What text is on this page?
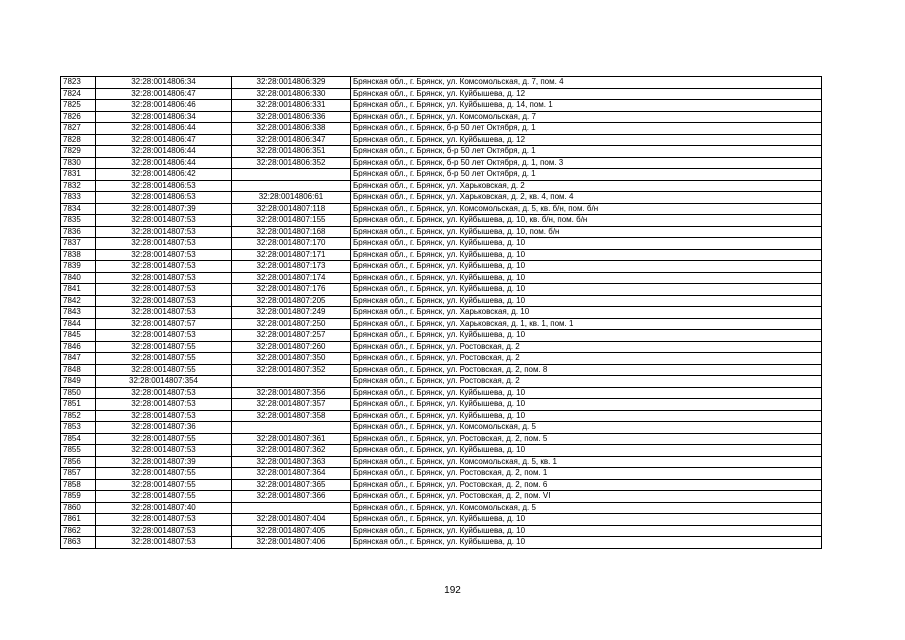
7823	32:28:0014806:34	32:28:0014806:329	Брянская обл., г. Брянск, ул. Комсомольская, д. 7, пом. 4
7824	32:28:0014806:47	32:28:0014806:330	Брянская обл., г. Брянск, ул. Куйбышева, д. 12
7825	32:28:0014806:46	32:28:0014806:331	Брянская обл., г. Брянск, ул. Куйбышева, д. 14, пом. 1
7826	32:28:0014806:34	32:28:0014806:336	Брянская обл., г. Брянск, ул. Комсомольская, д. 7
7827	32:28:0014806:44	32:28:0014806:338	Брянская обл., г. Брянск, б-р 50 лет Октября, д. 1
7828	32:28:0014806:47	32:28:0014806:347	Брянская обл., г. Брянск, ул. Куйбышева, д. 12
7829	32:28:0014806:44	32:28:0014806:351	Брянская обл., г. Брянск, б-р 50 лет Октября, д. 1
7830	32:28:0014806:44	32:28:0014806:352	Брянская обл., г. Брянск, б-р 50 лет Октября, д. 1, пом. 3
7831	32:28:0014806:42		Брянская обл., г. Брянск, б-р 50 лет Октября, д. 1
7832	32:28:0014806:53		Брянская обл., г. Брянск, ул. Харьковская, д. 2
7833	32:28:0014806:53	32:28:0014806:61	Брянская обл., г. Брянск, ул. Харьковская, д. 2, кв. 4, пом. 4
7834	32:28:0014807:39	32:28:0014807:118	Брянская обл., г. Брянск, ул. Комсомольская, д. 5, кв. б/н, пом. б/н
7835	32:28:0014807:53	32:28:0014807:155	Брянская обл., г. Брянск, ул. Куйбышева, д. 10, кв. б/н, пом. б/н
7836	32:28:0014807:53	32:28:0014807:168	Брянская обл., г. Брянск, ул. Куйбышева, д. 10, пом. б/н
7837	32:28:0014807:53	32:28:0014807:170	Брянская обл., г. Брянск, ул. Куйбышева, д. 10
7838	32:28:0014807:53	32:28:0014807:171	Брянская обл., г. Брянск, ул. Куйбышева, д. 10
7839	32:28:0014807:53	32:28:0014807:173	Брянская обл., г. Брянск, ул. Куйбышева, д. 10
7840	32:28:0014807:53	32:28:0014807:174	Брянская обл., г. Брянск, ул. Куйбышева, д. 10
7841	32:28:0014807:53	32:28:0014807:176	Брянская обл., г. Брянск, ул. Куйбышева, д. 10
7842	32:28:0014807:53	32:28:0014807:205	Брянская обл., г. Брянск, ул. Куйбышева, д. 10
7843	32:28:0014807:53	32:28:0014807:249	Брянская обл., г. Брянск, ул. Харьковская, д. 10
7844	32:28:0014807:57	32:28:0014807:250	Брянская обл., г. Брянск, ул. Харьковская, д. 1, кв. 1, пом. 1
7845	32:28:0014807:53	32:28:0014807:257	Брянская обл., г. Брянск, ул. Куйбышева, д. 10
7846	32:28:0014807:55	32:28:0014807:260	Брянская обл., г. Брянск, ул. Ростовская, д. 2
7847	32:28:0014807:55	32:28:0014807:350	Брянская обл., г. Брянск, ул. Ростовская, д. 2
7848	32:28:0014807:55	32:28:0014807:352	Брянская обл., г. Брянск, ул. Ростовская, д. 2, пом. 8
7849	32:28:0014807:354		Брянская обл., г. Брянск, ул. Ростовская, д. 2
7850	32:28:0014807:53	32:28:0014807:356	Брянская обл., г. Брянск, ул. Куйбышева, д. 10
7851	32:28:0014807:53	32:28:0014807:357	Брянская обл., г. Брянск, ул. Куйбышева, д. 10
7852	32:28:0014807:53	32:28:0014807:358	Брянская обл., г. Брянск, ул. Куйбышева, д. 10
7853	32:28:0014807:36		Брянская обл., г. Брянск, ул. Комсомольская, д. 5
7854	32:28:0014807:55	32:28:0014807:361	Брянская обл., г. Брянск, ул. Ростовская, д. 2, пом. 5
7855	32:28:0014807:53	32:28:0014807:362	Брянская обл., г. Брянск, ул. Куйбышева, д. 10
7856	32:28:0014807:39	32:28:0014807:363	Брянская обл., г. Брянск, ул. Комсомольская, д. 5, кв. 1
7857	32:28:0014807:55	32:28:0014807:364	Брянская обл., г. Брянск, ул. Ростовская, д. 2, пом. 1
7858	32:28:0014807:55	32:28:0014807:365	Брянская обл., г. Брянск, ул. Ростовская, д. 2, пом. 6
7859	32:28:0014807:55	32:28:0014807:366	Брянская обл., г. Брянск, ул. Ростовская, д. 2, пом. VI
7860	32:28:0014807:40		Брянская обл., г. Брянск, ул. Комсомольская, д. 5
7861	32:28:0014807:53	32:28:0014807:404	Брянская обл., г. Брянск, ул. Куйбышева, д. 10
7862	32:28:0014807:53	32:28:0014807:405	Брянская обл., г. Брянск, ул. Куйбышева, д. 10
7863	32:28:0014807:53	32:28:0014807:406	Брянская обл., г. Брянск, ул. Куйбышева, д. 10
192
